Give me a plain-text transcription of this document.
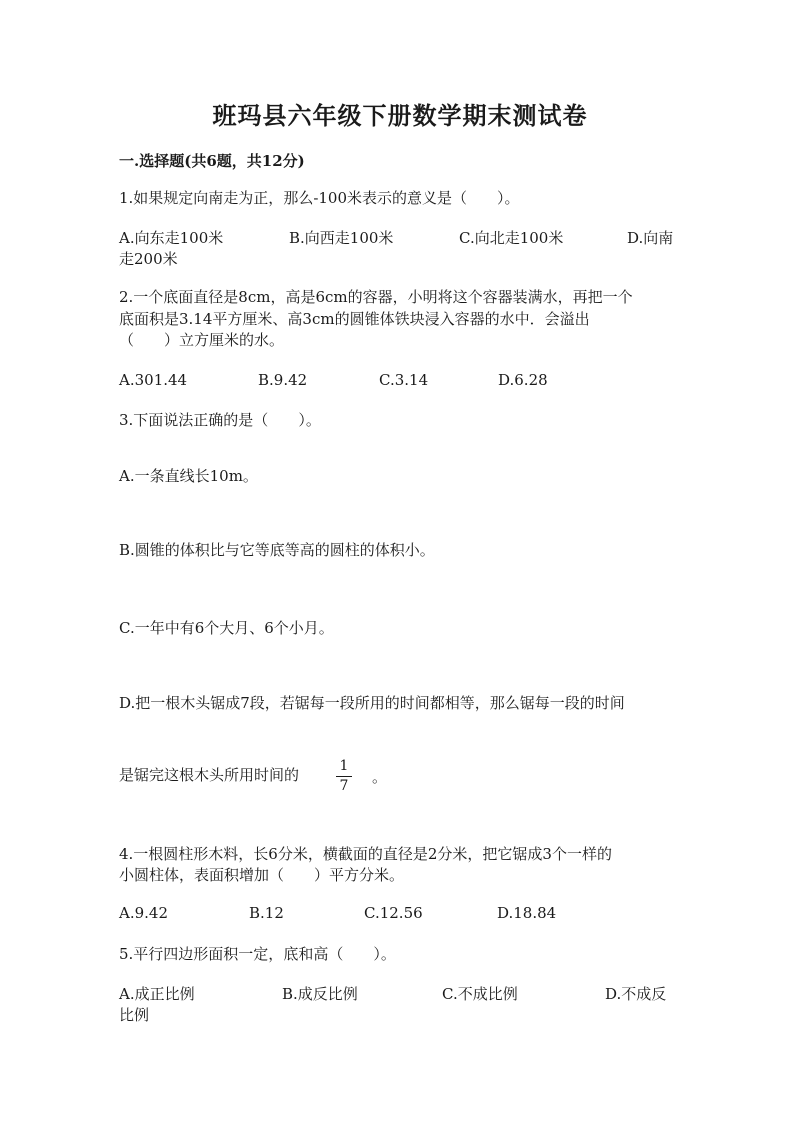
班玛县六年级下册数学期末测试卷
一.选择题(共6题，共12分)
1.如果规定向南走为正，那么-100米表示的意义是（　　）。
A.向东走100米	B.向西走100米	C.向北走100米	D.向南
走200米
2.一个底面直径是8cm，高是6cm的容器，小明将这个容器装满水，再把一个
底面积是3.14平方厘米、高3cm的圆锥体铁块浸入容器的水中．会溢出
（　　）立方厘米的水。
A.301.44	B.9.42	C.3.14	D.6.28
3.下面说法正确的是（　　）。
A.一条直线长10m。
B.圆锥的体积比与它等底等高的圆柱的体积小。
C.一年中有6个大月、6个小月。
D.把一根木头锯成7段，若锯每一段所用的时间都相等，那么锯每一段的时间
是锯完这根木头所用时间的	1
7	。
4.一根圆柱形木料，长6分米，横截面的直径是2分米，把它锯成3个一样的
小圆柱体，表面积增加（　　）平方分米。
A.9.42	B.12	C.12.56	D.18.84
5.平行四边形面积一定，底和高（　　）。
A.成正比例	B.成反比例	C.不成比例	D.不成反
比例
